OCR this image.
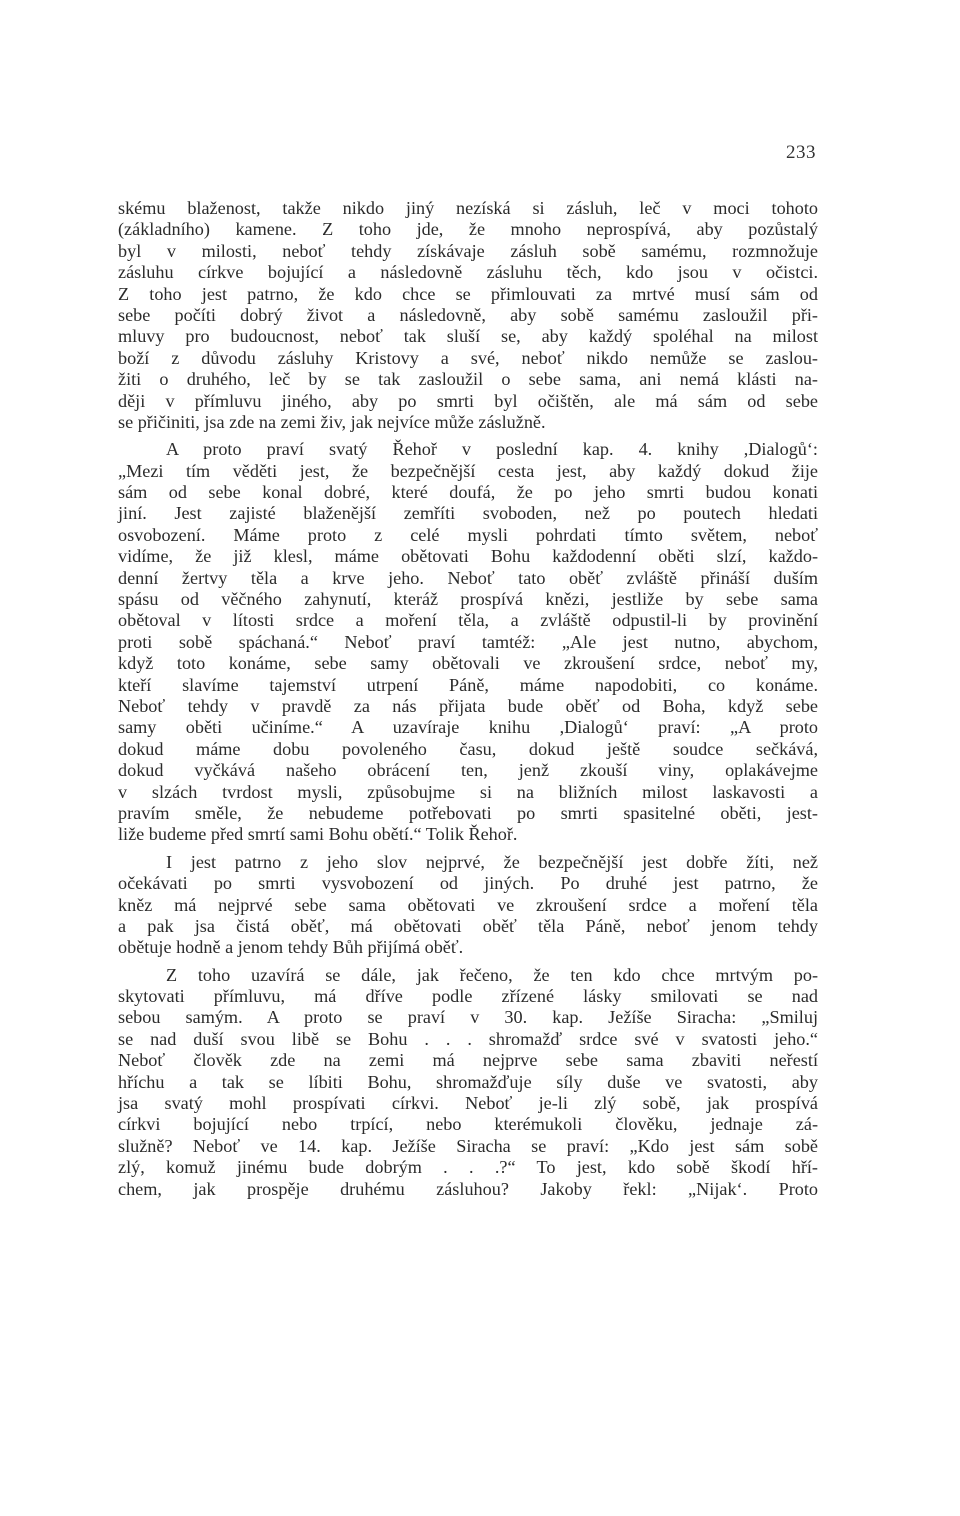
233
skému blaženost, takže nikdo jiný nezíská si zásluh, leč v moci tohoto
(základního) kamene. Z toho jde, že mnoho neprospívá, aby pozůstalý
byl v milosti, neboť tehdy získávaje zásluh sobě samému, rozmnožuje
zásluhu církve bojující a následovně zásluhu těch, kdo jsou v očistci.
Z toho jest patrno, že kdo chce se přimlouvati za mrtvé musí sám od
sebe počíti dobrý život a následovně, aby sobě samému zasloužil při-
mluvy pro budoucnost, neboť tak sluší se, aby každý spoléhal na milost
boží z důvodu zásluhy Kristovy a své, neboť nikdo nemůže se zaslou-
žiti o druhého, leč by se tak zasloužil o sebe sama, ani nemá klásti na-
ději v přímluvu jiného, aby po smrti byl očištěn, ale má sám od sebe
se přičiniti, jsa zde na zemi živ, jak nejvíce může záslužně.
A proto praví svatý Řehoř v poslední kap. 4. knihy ,Dialogů‘:
„Mezi tím věděti jest, že bezpečnější cesta jest, aby každý dokud žije
sám od sebe konal dobré, které doufá, že po jeho smrti budou konati
jiní. Jest zajisté blaženější zemříti svoboden, než po poutech hledati
osvobození. Máme proto z celé mysli pohrdati tímto světem, neboť
vidíme, že již klesl, máme obětovati Bohu každodenní oběti slzí, každo-
denní žertvy těla a krve jeho. Neboť tato oběť zvláště přináší duším
spásu od věčného zahynutí, kteráž prospívá knězi, jestliže by sebe sama
obětoval v lítosti srdce a moření těla, a zvláště odpustil-li by provinění
proti sobě spáchaná.“ Neboť praví tamtéž: „Ale jest nutno, abychom,
když toto konáme, sebe samy obětovali ve zkroušení srdce, neboť my,
kteří slavíme tajemství utrpení Páně, máme napodobiti, co konáme.
Neboť tehdy v pravdě za nás přijata bude oběť od Boha, když sebe
samy oběti učiníme.“ A uzavíraje knihu ,Dialogů‘ praví: „A proto
dokud máme dobu povoleného času, dokud ještě soudce sečkává,
dokud vyčkává našeho obrácení ten, jenž zkouší viny, oplakávejme
v slzách tvrdost mysli, způsobujme si na bližních milost laskavosti a
pravím směle, že nebudeme potřebovati po smrti spasitelné oběti, jest-
liže budeme před smrtí sami Bohu obětí.“ Tolik Řehoř.
I jest patrno z jeho slov nejprvé, že bezpečnější jest dobře žíti, než
očekávati po smrti vysvobození od jiných. Po druhé jest patrno, že
kněz má nejprvé sebe sama obětovati ve zkroušení srdce a moření těla
a pak jsa čistá oběť, má obětovati oběť těla Páně, neboť jenom tehdy
obětuje hodně a jenom tehdy Bůh přijímá oběť.
Z toho uzavírá se dále, jak řečeno, že ten kdo chce mrtvým po-
skytovati přímluvu, má dříve podle zřízené lásky smilovati se nad
sebou samým. A proto se praví v 30. kap. Ježíše Siracha: „Smiluj
se nad duší svou libě se Bohu . . . shromažď srdce své v svatosti jeho.“
Neboť člověk zde na zemi má nejprve sebe sama zbaviti neřestí
hříchu a tak se líbiti Bohu, shromažďuje síly duše ve svatosti, aby
jsa svatý mohl prospívati církvi. Neboť je-li zlý sobě, jak prospívá
církvi bojující nebo trpící, nebo kterémukoli člověku, jednaje zá-
služně? Neboť ve 14. kap. Ježíše Siracha se praví: „Kdo jest sám sobě
zlý, komuž jinému bude dobrým . . .?“ To jest, kdo sobě škodí hří-
chem, jak prospěje druhému zásluhou? Jakoby řekl: „Nijak‘. Proto
